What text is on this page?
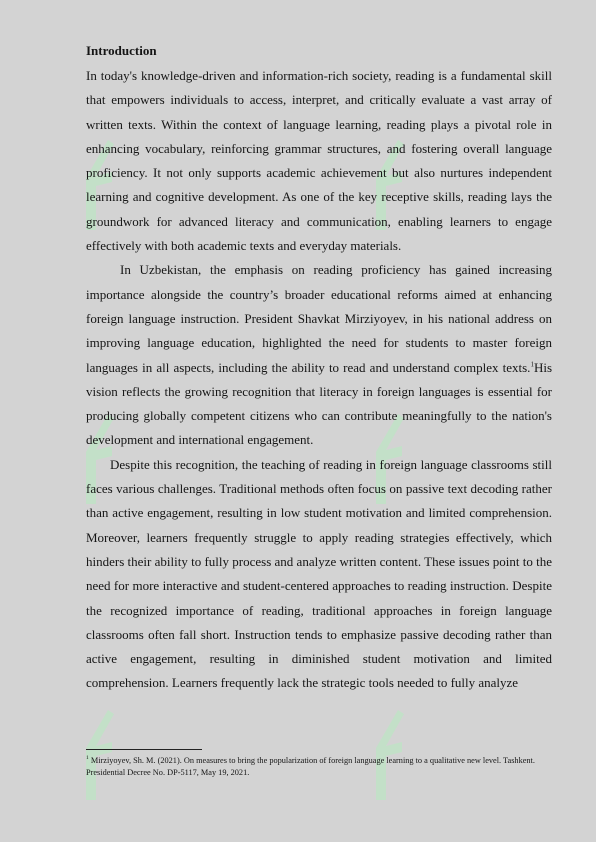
Introduction

In today's knowledge-driven and information-rich society, reading is a fundamental skill that empowers individuals to access, interpret, and critically evaluate a vast array of written texts. Within the context of language learning, reading plays a pivotal role in enhancing vocabulary, reinforcing grammar structures, and fostering overall language proficiency. It not only supports academic achievement but also nurtures independent learning and cognitive development. As one of the key receptive skills, reading lays the groundwork for advanced literacy and communication, enabling learners to engage effectively with both academic texts and everyday materials.

In Uzbekistan, the emphasis on reading proficiency has gained increasing importance alongside the country’s broader educational reforms aimed at enhancing foreign language instruction. President Shavkat Mirziyoyev, in his national address on improving language education, highlighted the need for students to master foreign languages in all aspects, including the ability to read and understand complex texts.$^1$His vision reflects the growing recognition that literacy in foreign languages is essential for producing globally competent citizens who can contribute meaningfully to the nation's development and international engagement.

Despite this recognition, the teaching of reading in foreign language classrooms still faces various challenges. Traditional methods often focus on passive text decoding rather than active engagement, resulting in low student motivation and limited comprehension. Moreover, learners frequently struggle to apply reading strategies effectively, which hinders their ability to fully process and analyze written content. These issues point to the need for more interactive and student-centered approaches to reading instruction. Despite the recognized importance of reading, traditional approaches in foreign language classrooms often fall short. Instruction tends to emphasize passive decoding rather than active engagement, resulting in diminished student motivation and limited comprehension. Learners frequently lack the strategic tools needed to fully analyze

$^1$ Mirziyoyev, Sh. M. (2021). On measures to bring the popularization of foreign language learning to a qualitative new level. Tashkent. Presidential Decree No. DP-5117, May 19, 2021.
